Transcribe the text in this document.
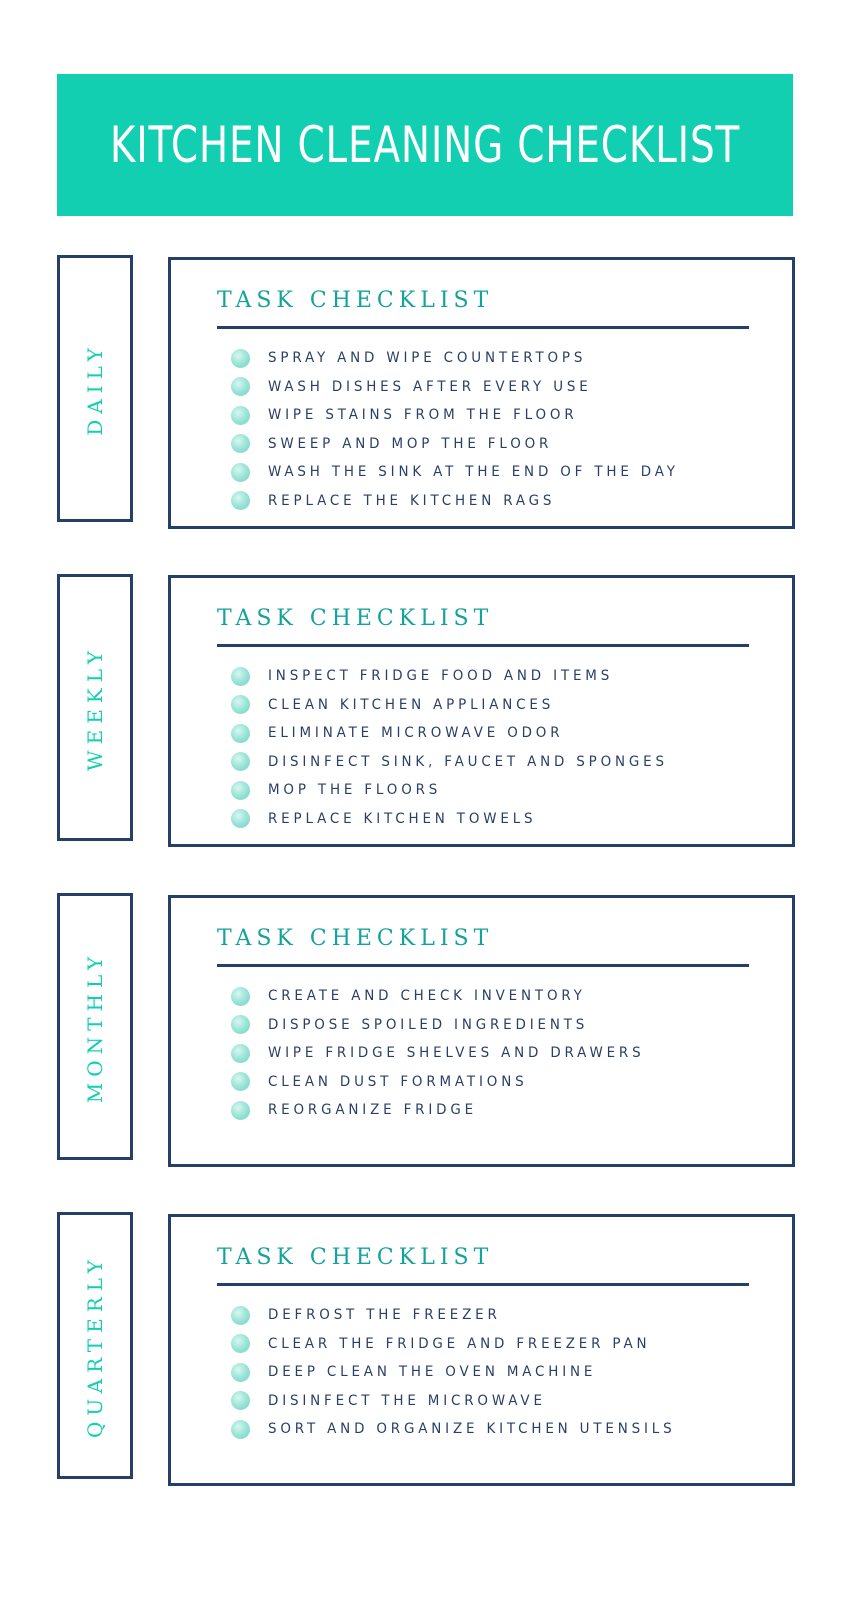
KITCHEN CLEANING CHECKLIST
DAILY
TASK CHECKLIST
SPRAY AND WIPE COUNTERTOPS
WASH DISHES AFTER EVERY USE
WIPE STAINS FROM THE FLOOR
SWEEP AND MOP THE FLOOR
WASH THE SINK AT THE END OF THE DAY
REPLACE THE KITCHEN RAGS
WEEKLY
TASK CHECKLIST
INSPECT FRIDGE FOOD AND ITEMS
CLEAN KITCHEN APPLIANCES
ELIMINATE MICROWAVE ODOR
DISINFECT SINK, FAUCET AND SPONGES
MOP THE FLOORS
REPLACE KITCHEN TOWELS
MONTHLY
TASK CHECKLIST
CREATE AND CHECK INVENTORY
DISPOSE SPOILED INGREDIENTS
WIPE FRIDGE SHELVES AND DRAWERS
CLEAN DUST FORMATIONS
REORGANIZE FRIDGE
QUARTERLY	TASK CHECKLIST
DEFROST THE FREEZER
CLEAR THE FRIDGE AND FREEZER PAN
DEEP CLEAN THE OVEN MACHINE
DISINFECT THE MICROWAVE
SORT AND ORGANIZE KITCHEN UTENSILS
